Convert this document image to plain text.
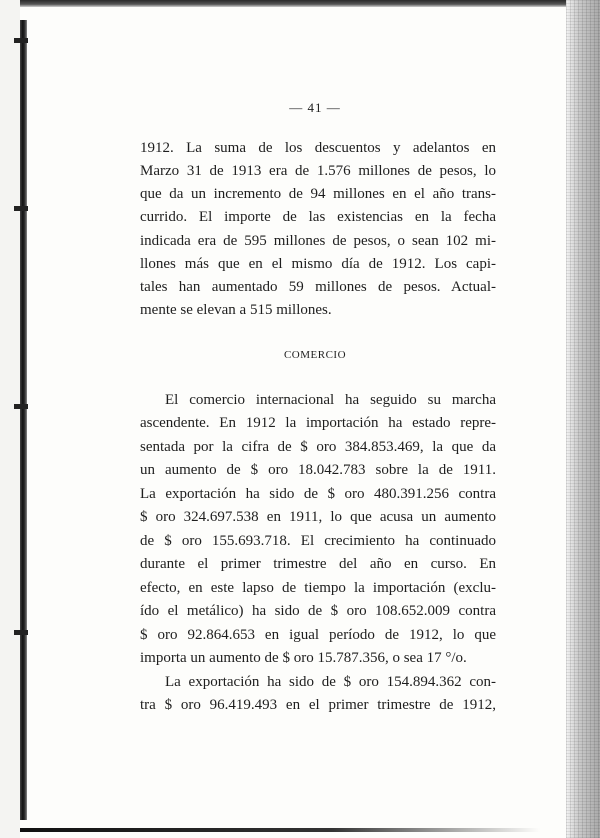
— 41 —
1912. La suma de los descuentos y adelantos en
Marzo 31 de 1913 era de 1.576 millones de pesos, lo
que da un incremento de 94 millones en el año trans-
currido. El importe de las existencias en la fecha
indicada era de 595 millones de pesos, o sean 102 mi-
llones más que en el mismo día de 1912. Los capi-
tales han aumentado 59 millones de pesos. Actual-
mente se elevan a 515 millones.
COMERCIO
El comercio internacional ha seguido su marcha
ascendente. En 1912 la importación ha estado repre-
sentada por la cifra de $ oro 384.853.469, la que da
un aumento de $ oro 18.042.783 sobre la de 1911.
La exportación ha sido de $ oro 480.391.256 contra
$ oro 324.697.538 en 1911, lo que acusa un aumento
de $ oro 155.693.718. El crecimiento ha continuado
durante el primer trimestre del año en curso. En
efecto, en este lapso de tiempo la importación (exclu-
ído el metálico) ha sido de $ oro 108.652.009 contra
$ oro 92.864.653 en igual período de 1912, lo que
importa un aumento de $ oro 15.787.356, o sea 17 °/o.
La exportación ha sido de $ oro 154.894.362 con-
tra $ oro 96.419.493 en el primer trimestre de 1912,
